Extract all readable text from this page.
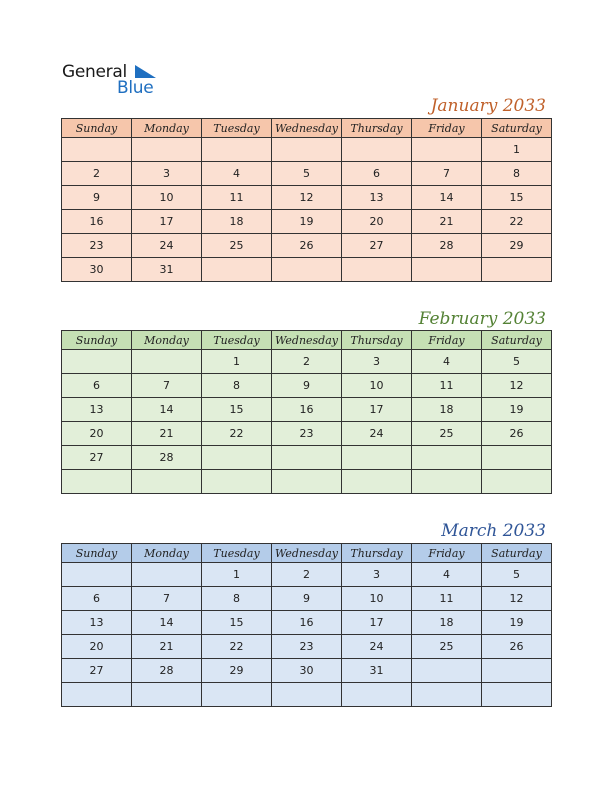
General
Blue
January 2033
Sunday	Monday	Tuesday	Wednesday	Thursday	Friday	Saturday
						1
2	3	4	5	6	7	8
9	10	11	12	13	14	15
16	17	18	19	20	21	22
23	24	25	26	27	28	29
30	31					
February 2033
Sunday	Monday	Tuesday	Wednesday	Thursday	Friday	Saturday
		1	2	3	4	5
6	7	8	9	10	11	12
13	14	15	16	17	18	19
20	21	22	23	24	25	26
27	28					

March 2033
Sunday	Monday	Tuesday	Wednesday	Thursday	Friday	Saturday
		1	2	3	4	5
6	7	8	9	10	11	12
13	14	15	16	17	18	19
20	21	22	23	24	25	26
27	28	29	30	31		
